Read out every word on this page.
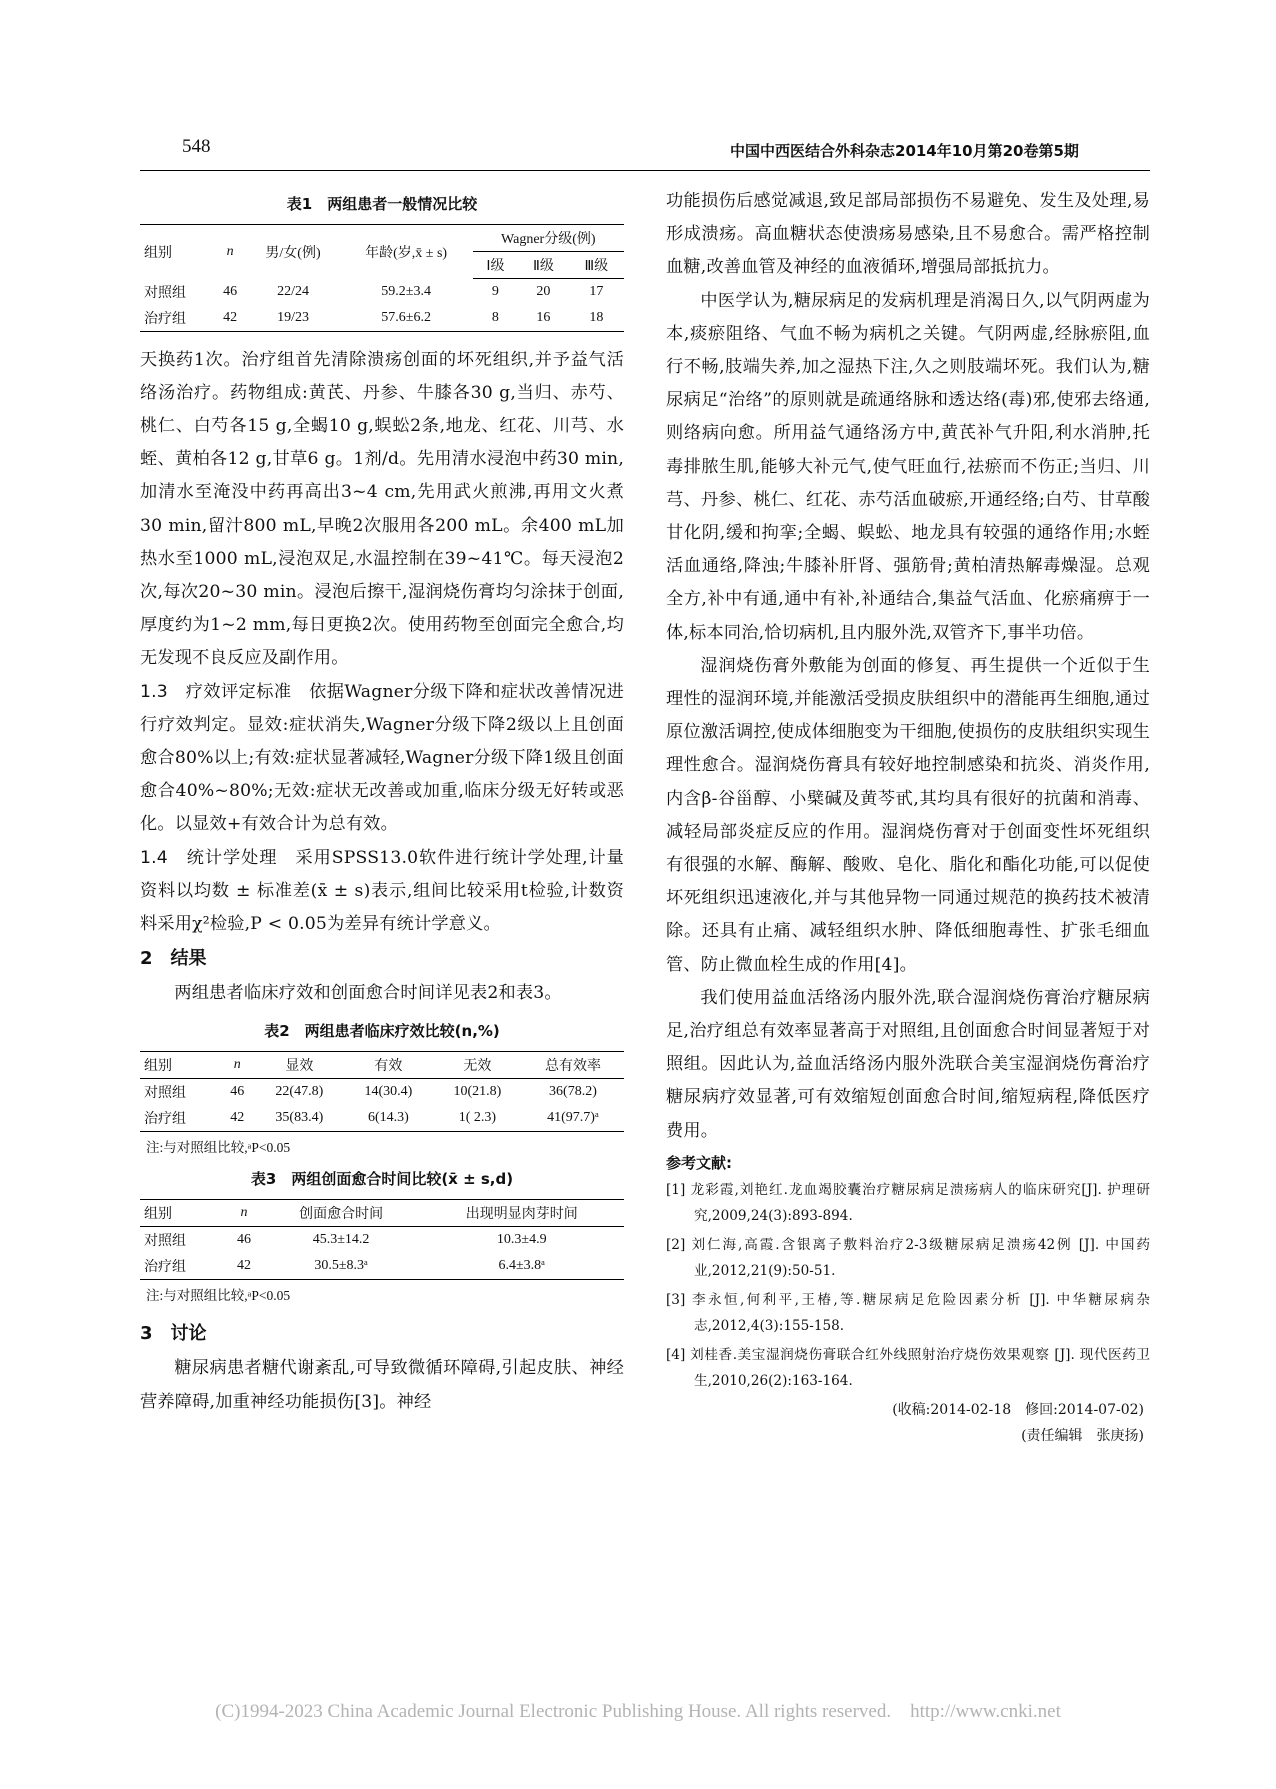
548	中国中西医结合外科杂志2014年10月第20卷第5期
表1　两组患者一般情况比较
组别	n	男/女(例)	年龄(岁,x̄ ± s)	Wagner分级(例)		
				Ⅰ级	Ⅱ级	Ⅲ级
对照组	46	22/24	59.2±3.4	9	20	17
治疗组	42	19/23	57.6±6.2	8	16	18

天换药1次。治疗组首先清除溃疡创面的坏死组织,并予益气活络汤治疗。药物组成:黄芪、丹参、牛膝各30 g,当归、赤芍、桃仁、白芍各15 g,全蝎10 g,蜈蚣2条,地龙、红花、川芎、水蛭、黄柏各12 g,甘草6 g。1剂/d。先用清水浸泡中药30 min,加清水至淹没中药再高出3~4 cm,先用武火煎沸,再用文火煮30 min,留汁800 mL,早晚2次服用各200 mL。余400 mL加热水至1000 mL,浸泡双足,水温控制在39~41℃。每天浸泡2次,每次20~30 min。浸泡后擦干,湿润烧伤膏均匀涂抹于创面,厚度约为1~2 mm,每日更换2次。使用药物至创面完全愈合,均无发现不良反应及副作用。

1.3　疗效评定标准　依据Wagner分级下降和症状改善情况进行疗效判定。显效:症状消失,Wagner分级下降2级以上且创面愈合80%以上;有效:症状显著减轻,Wagner分级下降1级且创面愈合40%~80%;无效:症状无改善或加重,临床分级无好转或恶化。以显效+有效合计为总有效。

1.4　统计学处理　采用SPSS13.0软件进行统计学处理,计量资料以均数 ± 标准差(x̄ ± s)表示,组间比较采用t检验,计数资料采用χ²检验,P < 0.05为差异有统计学意义。

2　结果

两组患者临床疗效和创面愈合时间详见表2和表3。

表2　两组患者临床疗效比较(n,%)
组别	n	显效	有效	无效	总有效率
对照组	46	22(47.8)	14(30.4)	10(21.8)	36(78.2)
治疗组	42	35(83.4)	6(14.3)	1( 2.3)	41(97.7)ᵃ
注:与对照组比较,ᵃP<0.05
表3　两组创面愈合时间比较(x̄ ± s,d)
组别	n	创面愈合时间	出现明显肉芽时间
对照组	46	45.3±14.2	10.3±4.9
治疗组	42	30.5±8.3ᵃ	6.4±3.8ᵃ
注:与对照组比较,ᵃP<0.05

3　讨论

糖尿病患者糖代谢紊乱,可导致微循环障碍,引起皮肤、神经营养障碍,加重神经功能损伤[3]。神经

功能损伤后感觉减退,致足部局部损伤不易避免、发生及处理,易形成溃疡。高血糖状态使溃疡易感染,且不易愈合。需严格控制血糖,改善血管及神经的血液循环,增强局部抵抗力。

中医学认为,糖尿病足的发病机理是消渴日久,以气阴两虚为本,痰瘀阻络、气血不畅为病机之关键。气阴两虚,经脉瘀阻,血行不畅,肢端失养,加之湿热下注,久之则肢端坏死。我们认为,糖尿病足“治络”的原则就是疏通络脉和透达络(毒)邪,使邪去络通,则络病向愈。所用益气通络汤方中,黄芪补气升阳,利水消肿,托毒排脓生肌,能够大补元气,使气旺血行,祛瘀而不伤正;当归、川芎、丹参、桃仁、红花、赤芍活血破瘀,开通经络;白芍、甘草酸甘化阴,缓和拘挛;全蝎、蜈蚣、地龙具有较强的通络作用;水蛭活血通络,降浊;牛膝补肝肾、强筋骨;黄柏清热解毒燥湿。总观全方,补中有通,通中有补,补通结合,集益气活血、化瘀痛痹于一体,标本同治,恰切病机,且内服外洗,双管齐下,事半功倍。

湿润烧伤膏外敷能为创面的修复、再生提供一个近似于生理性的湿润环境,并能激活受损皮肤组织中的潜能再生细胞,通过原位激活调控,使成体细胞变为干细胞,使损伤的皮肤组织实现生理性愈合。湿润烧伤膏具有较好地控制感染和抗炎、消炎作用,内含β-谷甾醇、小檗碱及黄芩甙,其均具有很好的抗菌和消毒、减轻局部炎症反应的作用。湿润烧伤膏对于创面变性坏死组织有很强的水解、酶解、酸败、皂化、脂化和酯化功能,可以促使坏死组织迅速液化,并与其他异物一同通过规范的换药技术被清除。还具有止痛、减轻组织水肿、降低细胞毒性、扩张毛细血管、防止微血栓生成的作用[4]。

我们使用益血活络汤内服外洗,联合湿润烧伤膏治疗糖尿病足,治疗组总有效率显著高于对照组,且创面愈合时间显著短于对照组。因此认为,益血活络汤内服外洗联合美宝湿润烧伤膏治疗糖尿病疗效显著,可有效缩短创面愈合时间,缩短病程,降低医疗费用。

参考文献:

[1] 龙彩霞,刘艳红.龙血竭胶囊治疗糖尿病足溃疡病人的临床研究[J]. 护理研究,2009,24(3):893-894.

[2] 刘仁海,高霞.含银离子敷料治疗2-3级糖尿病足溃疡42例 [J]. 中国药业,2012,21(9):50-51.

[3] 李永恒,何利平,王椿,等.糖尿病足危险因素分析 [J]. 中华糖尿病杂志,2012,4(3):155-158.

[4] 刘桂香.美宝湿润烧伤膏联合红外线照射治疗烧伤效果观察 [J]. 现代医药卫生,2010,26(2):163-164.

(收稿:2014-02-18　修回:2014-07-02)
(责任编辑　张庚扬)
(C)1994-2023 China Academic Journal Electronic Publishing House. All rights reserved.　http://www.cnki.net
